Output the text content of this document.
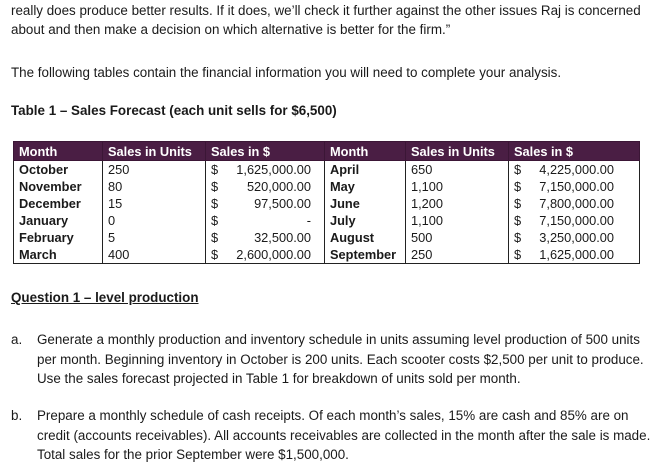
really does produce better results. If it does, we’ll check it further against the other issues Raj is concerned about and then make a decision on which alternative is better for the firm.”

The following tables contain the financial information you will need to complete your analysis.

Table 1 – Sales Forecast (each unit sells for $6,500)
Month	Sales in Units	Sales in $	Month	Sales in Units	Sales in $
October	250	$ 1,625,000.00	April	650	$ 4,225,000.00

November	80	$ 520,000.00	May	1,100	$ 7,150,000.00

December	15	$ 97,500.00	June	1,200	$ 7,800,000.00

January	0	$ -	July	1,100	$ 7,150,000.00

February	5	$ 32,500.00	August	500	$ 3,250,000.00

March	400	$ 2,600,000.00	September	250	$ 1,625,000.00
Question 1 – level production
a. Generate a monthly production and inventory schedule in units assuming level production of 500 units per month. Beginning inventory in October is 200 units. Each scooter costs $2,500 per unit to produce. Use the sales forecast projected in Table 1 for breakdown of units sold per month.
b. Prepare a monthly schedule of cash receipts. Of each month’s sales, 15% are cash and 85% are on credit (accounts receivables). All accounts receivables are collected in the month after the sale is made. Total sales for the prior September were $1,500,000.
